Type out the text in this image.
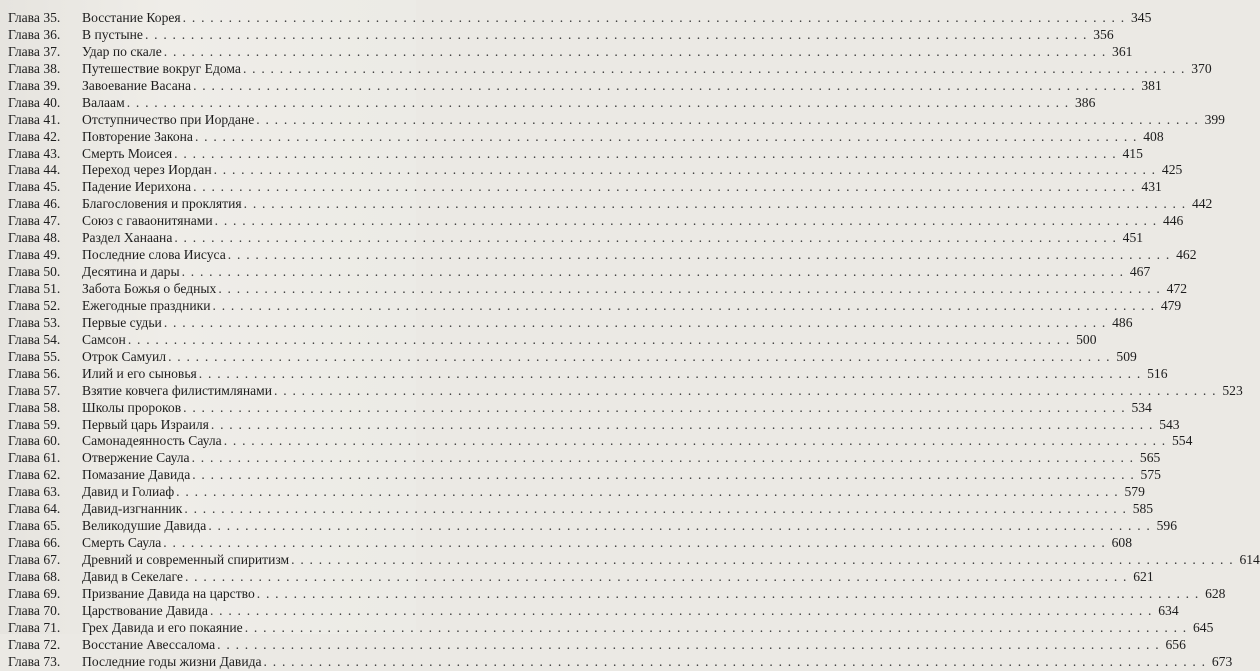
Глава 35.	Восстание Корея . . .	345
Глава 36.	В пустыне . . .	356
Глава 37.	Удар по скале . . .	361
Глава 38.	Путешествие вокруг Едома . . .	370
Глава 39.	Завоевание Васана . . .	381
Глава 40.	Валаам . . .	386
Глава 41.	Отступничество при Иордане . . .	399
Глава 42.	Повторение Закона . . .	408
Глава 43.	Смерть Моисея . . .	415
Глава 44.	Переход через Иордан . . .	425
Глава 45.	Падение Иерихона . . .	431
Глава 46.	Благословения и проклятия . . .	442
Глава 47.	Союз с гаваонитянами . . .	446
Глава 48.	Раздел Ханаана . . .	451
Глава 49.	Последние слова Иисуса . . .	462
Глава 50.	Десятина и дары . . .	467
Глава 51.	Забота Божья о бедных . . .	472
Глава 52.	Ежегодные праздники . . .	479
Глава 53.	Первые судьи . . .	486
Глава 54.	Самсон . . .	500
Глава 55.	Отрок Самуил . . .	509
Глава 56.	Илий и его сыновья . . .	516
Глава 57.	Взятие ковчега филистимлянами . . .	523
Глава 58.	Школы пророков . . .	534
Глава 59.	Первый царь Израиля . . .	543
Глава 60.	Самонадеянность Саула . . .	554
Глава 61.	Отвержение Саула . . .	565
Глава 62.	Помазание Давида . . .	575
Глава 63.	Давид и Голиаф . . .	579
Глава 64.	Давид-изгнанник . . .	585
Глава 65.	Великодушие Давида . . .	596
Глава 66.	Смерть Саула . . .	608
Глава 67.	Древний и современный спиритизм . . .	614
Глава 68.	Давид в Секелаге . . .	621
Глава 69.	Призвание Давида на царство . . .	628
Глава 70.	Царствование Давида . . .	634
Глава 71.	Грех Давида и его покаяние . . .	645
Глава 72.	Восстание Авессалома . . .	656
Глава 73.	Последние годы жизни Давида . . .	673
